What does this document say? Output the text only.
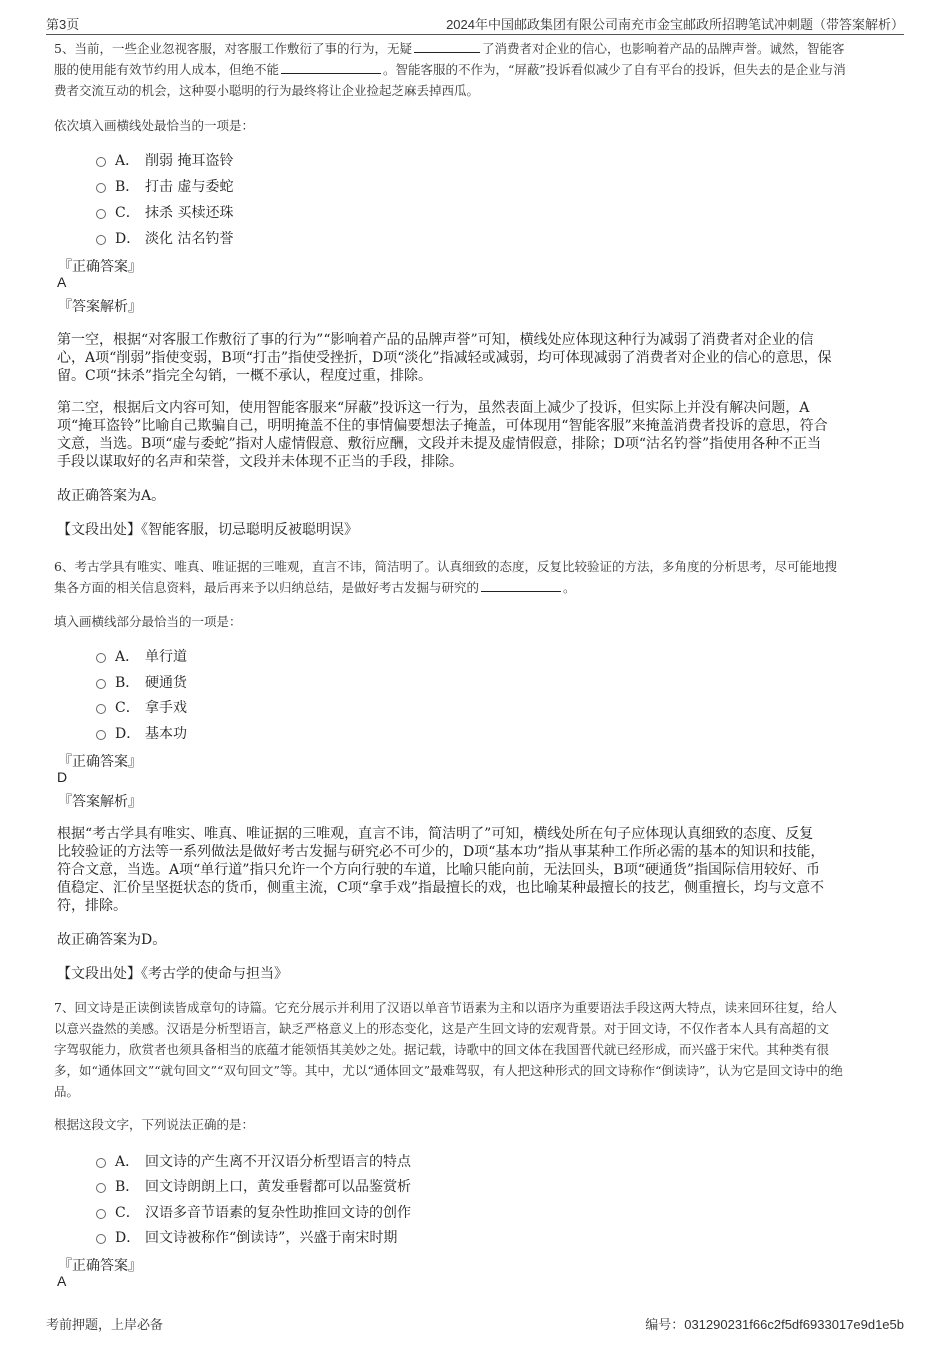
第3页	2024年中国邮政集团有限公司南充市金宝邮政所招聘笔试冲刺题（带答案解析）
5、当前，一些企业忽视客服，对客服工作敷衍了事的行为，无疑	了消费者对企业的信心，也影响着产品的品牌声誉。诚然，智能客
服的使用能有效节约用人成本，但绝不能	。智能客服的不作为，“屏蔽”投诉看似减少了自有平台的投诉，但失去的是企业与消
费者交流互动的机会，这种耍小聪明的行为最终将让企业捡起芝麻丢掉西瓜。
依次填入画横线处最恰当的一项是：
A． 削弱 掩耳盗铃
B． 打击 虚与委蛇
C． 抹杀 买椟还珠
D． 淡化 沽名钓誉
『正确答案』
A
『答案解析』
第一空，根据“对客服工作敷衍了事的行为”“影响着产品的品牌声誉”可知，横线处应体现这种行为减弱了消费者对企业的信
心，A项“削弱”指使变弱，B项“打击”指使受挫折，D项“淡化”指减轻或减弱，均可体现减弱了消费者对企业的信心的意思，保
留。C项“抹杀”指完全勾销，一概不承认，程度过重，排除。
第二空，根据后文内容可知，使用智能客服来“屏蔽”投诉这一行为，虽然表面上减少了投诉，但实际上并没有解决问题，A
项“掩耳盗铃”比喻自己欺骗自己，明明掩盖不住的事情偏要想法子掩盖，可体现用“智能客服”来掩盖消费者投诉的意思，符合
文意，当选。B项“虚与委蛇”指对人虚情假意、敷衍应酬，文段并未提及虚情假意，排除；D项“沽名钓誉”指使用各种不正当
手段以谋取好的名声和荣誉，文段并未体现不正当的手段，排除。
故正确答案为A。
【文段出处】《智能客服，切忌聪明反被聪明误》
6、考古学具有唯实、唯真、唯证据的三唯观，直言不讳，简洁明了。认真细致的态度，反复比较验证的方法，多角度的分析思考，尽可能地搜
集各方面的相关信息资料，最后再来予以归纳总结，是做好考古发掘与研究的	。
填入画横线部分最恰当的一项是：
A． 单行道
B． 硬通货
C． 拿手戏
D． 基本功
『正确答案』
D
『答案解析』
根据“考古学具有唯实、唯真、唯证据的三唯观，直言不讳，简洁明了”可知，横线处所在句子应体现认真细致的态度、反复
比较验证的方法等一系列做法是做好考古发掘与研究必不可少的，D项“基本功”指从事某种工作所必需的基本的知识和技能，
符合文意，当选。A项“单行道”指只允许一个方向行驶的车道，比喻只能向前，无法回头，B项“硬通货”指国际信用较好、币
值稳定、汇价呈坚挺状态的货币，侧重主流，C项“拿手戏”指最擅长的戏，也比喻某种最擅长的技艺，侧重擅长，均与文意不
符，排除。
故正确答案为D。
【文段出处】《考古学的使命与担当》
7、回文诗是正读倒读皆成章句的诗篇。它充分展示并利用了汉语以单音节语素为主和以语序为重要语法手段这两大特点，读来回环往复，给人
以意兴盎然的美感。汉语是分析型语言，缺乏严格意义上的形态变化，这是产生回文诗的宏观背景。对于回文诗，不仅作者本人具有高超的文
字驾驭能力，欣赏者也须具备相当的底蕴才能领悟其美妙之处。据记载，诗歌中的回文体在我国晋代就已经形成，而兴盛于宋代。其种类有很
多，如“通体回文”“就句回文”“双句回文”等。其中，尤以“通体回文”最难驾驭，有人把这种形式的回文诗称作“倒读诗”，认为它是回文诗中的绝
品。
根据这段文字，下列说法正确的是：
A． 回文诗的产生离不开汉语分析型语言的特点
B． 回文诗朗朗上口，黄发垂髫都可以品鉴赏析
C． 汉语多音节语素的复杂性助推回文诗的创作
D． 回文诗被称作“倒读诗”，兴盛于南宋时期
『正确答案』
A
考前押题，上岸必备	编号：031290231f66c2f5df6933017e9d1e5b
